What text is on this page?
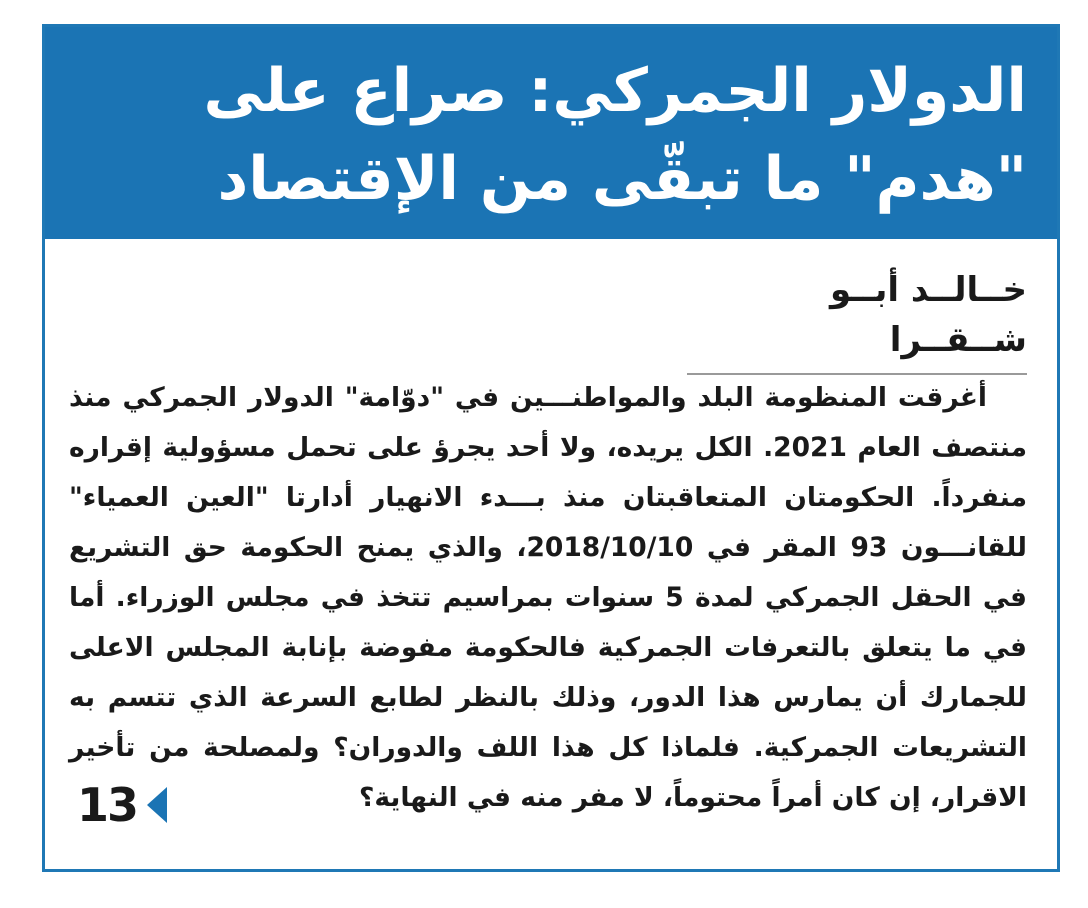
الدولار الجمركي: صراع على "هدم" ما تبقّى من الإقتصاد
خــالــد أبــو شــقــرا

أغرقت المنظومة البلد والمواطنـــين في "دوّامة" الدولار الجمركي منذ منتصف العام 2021. الكل يريده، ولا أحد يجرؤ على تحمل مسؤولية إقراره منفرداً. الحكومتان المتعاقبتان منذ بـــدء الانهيار أدارتا "العين العمياء" للقانـــون 93 المقر في 2018/10/10، والذي يمنح الحكومة حق التشريع في الحقل الجمركي لمدة 5 سنوات بمراسيم تتخذ في مجلس الوزراء. أما في ما يتعلق بالتعرفات الجمركية فالحكومة مفوضة بإنابة المجلس الاعلى للجمارك أن يمارس هذا الدور، وذلك بالنظر لطابع السرعة الذي تتسم به التشريعات الجمركية. فلماذا كل هذا اللف والدوران؟ ولمصلحة من تأخير الاقرار، إن كان أمراً محتوماً، لا مفر منه في النهاية؟

13
